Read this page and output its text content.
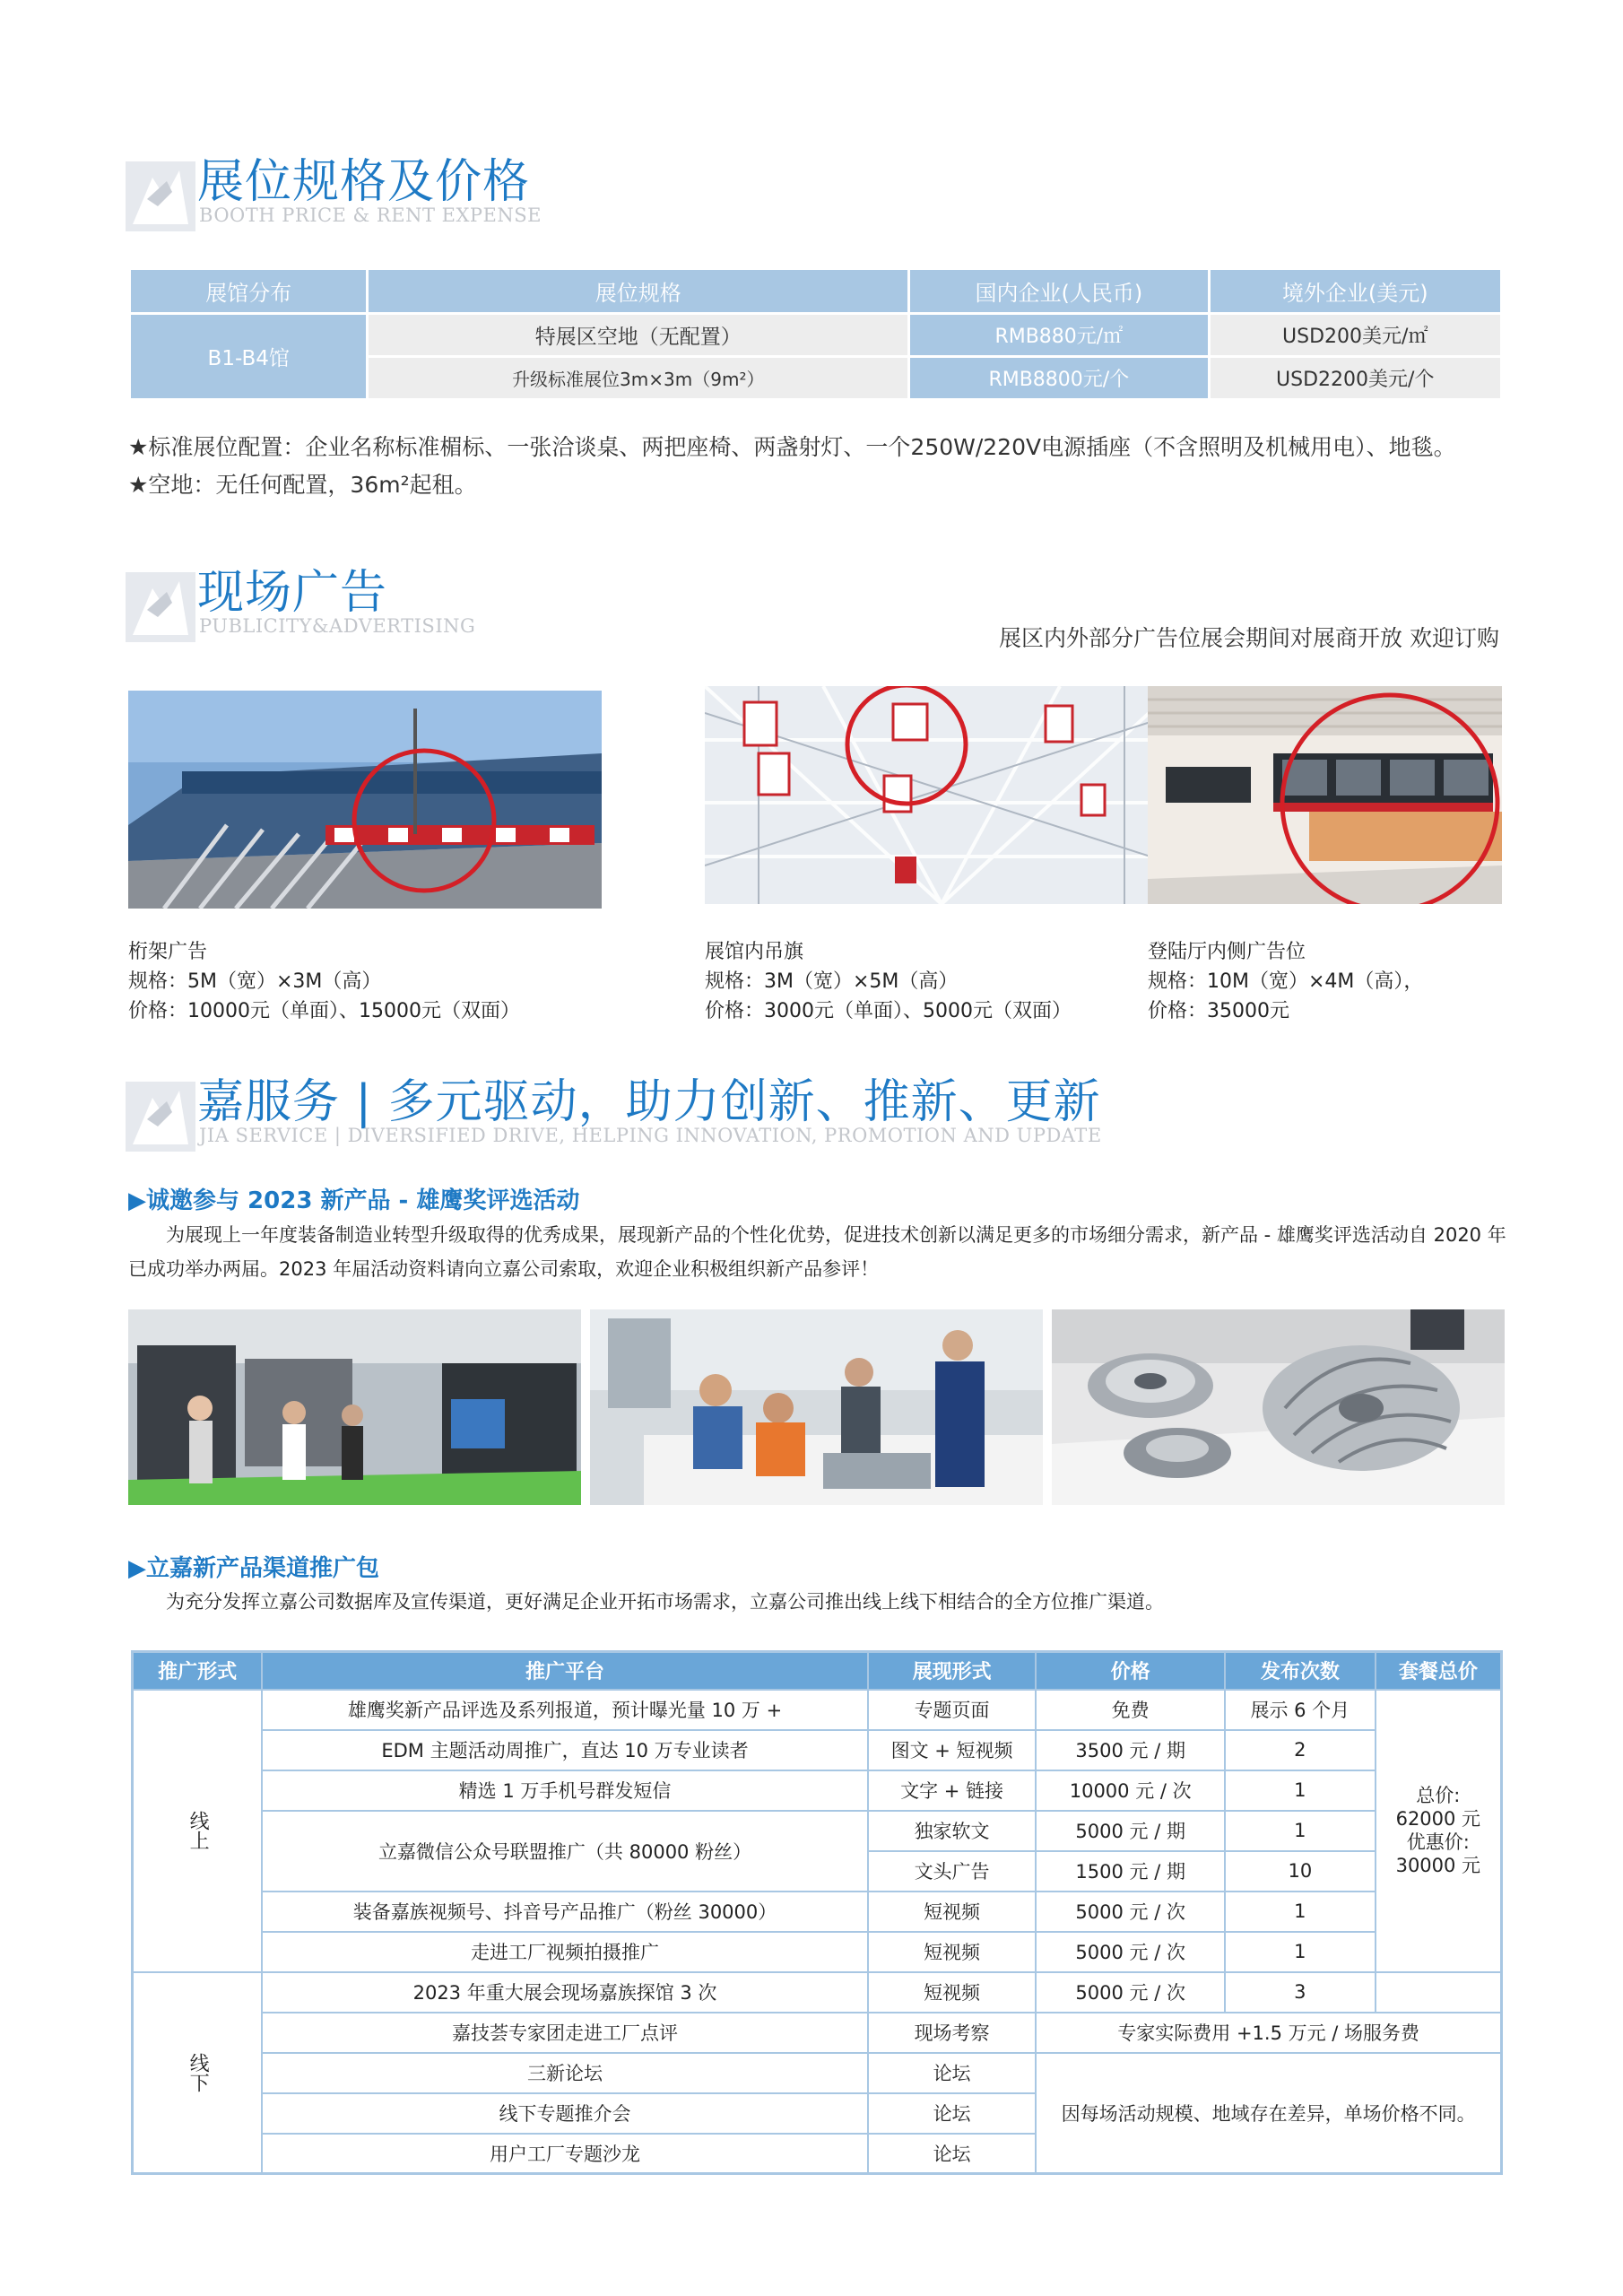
展位规格及价格
BOOTH PRICE & RENT EXPENSE
展馆分布	展位规格	国内企业(人民币)	境外企业(美元)
B1-B4馆	特展区空地（无配置）	RMB880元/㎡	USD200美元/㎡
	升级标准展位3m×3m（9m²）	RMB8800元/个	USD2200美元/个
★标准展位配置：企业名称标准楣标、一张洽谈桌、两把座椅、两盏射灯、一个250W/220V电源插座（不含照明及机械用电）、地毯。
★空地：无任何配置，36m²起租。
现场广告
PUBLICITY&ADVERTISING	展区内外部分广告位展会期间对展商开放 欢迎订购
桁架广告
规格：5M（宽）×3M（高）
价格：10000元（单面）、15000元（双面）
展馆内吊旗
规格：3M（宽）×5M（高）
价格：3000元（单面）、5000元（双面）
登陆厅内侧广告位
规格：10M（宽）×4M（高），
价格：35000元
嘉服务 | 多元驱动，助力创新、推新、更新
JIA SERVICE | DIVERSIFIED DRIVE, HELPING INNOVATION, PROMOTION AND UPDATE
▶诚邀参与 2023 新产品 - 雄鹰奖评选活动
为展现上一年度装备制造业转型升级取得的优秀成果，展现新产品的个性化优势，促进技术创新以满足更多的市场细分需求，新产品 - 雄鹰奖评选活动自 2020 年已成功举办两届。2023 年届活动资料请向立嘉公司索取，欢迎企业积极组织新产品参评！
▶立嘉新产品渠道推广包
为充分发挥立嘉公司数据库及宣传渠道，更好满足企业开拓市场需求，立嘉公司推出线上线下相结合的全方位推广渠道。
推广形式	推广平台	展现形式	价格	发布次数	套餐总价

线上	雄鹰奖新产品评选及系列报道，预计曝光量 10 万 +	专题页面	免费	展示 6 个月	总价:
62000 元
优惠价:
30000 元

	EDM 主题活动周推广，直达 10 万专业读者	图文 + 短视频	3500 元 / 期	2	
	精选 1 万手机号群发短信	文字 + 链接	10000 元 / 次	1	
	立嘉微信公众号联盟推广（共 80000 粉丝）	独家软文	5000 元 / 期	1	
		文头广告	1500 元 / 期	10	
	装备嘉族视频号、抖音号产品推广（粉丝 30000）	短视频	5000 元 / 次	1	
	走进工厂视频拍摄推广	短视频	5000 元 / 次	1	

线下	2023 年重大展会现场嘉族探馆 3 次	短视频	5000 元 / 次	3	
	嘉技荟专家团走进工厂点评	现场考察	专家实际费用 +1.5 万元 / 场服务费		
	三新论坛	论坛	因每场活动规模、地域存在差异，单场价格不同。		
	线下专题推介会	论坛			
	用户工厂专题沙龙	论坛			
